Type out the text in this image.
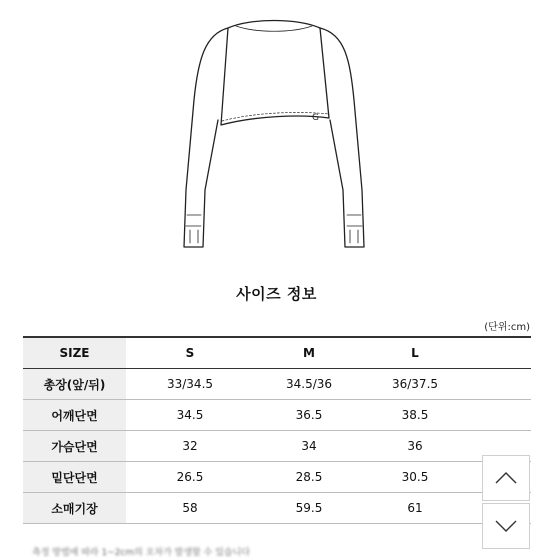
G
사이즈 정보
(단위:cm)
SIZE	S	M	L	
총장(앞/뒤)	33/34.5	34.5/36	36/37.5	
어깨단면	34.5	36.5	38.5	
가슴단면	32	34	36	
밑단단면	26.5	28.5	30.5	
소매기장	58	59.5	61	
측정 방법에 따라 1~2cm의 오차가 발생할 수 있습니다
